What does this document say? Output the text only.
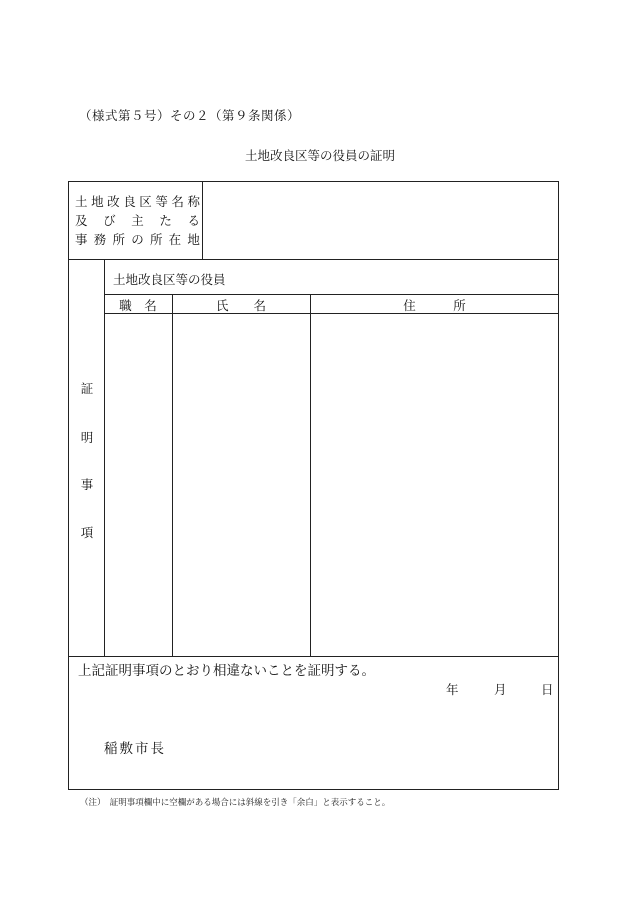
（様式第５号）その２（第９条関係）
土地改良区等の役員の証明
土 地 改 良 区 等 名 称
及 び 主 た る
事 務 所 の 所 在 地
証
明
事
項
土地改良区等の役員
職　名	氏　　名	住　　　所
上記証明事項のとおり相違ないことを証明する。
年	月	日
稲敷市長
（注）　証明事項欄中に空欄がある場合には斜線を引き「余白」と表示すること。
